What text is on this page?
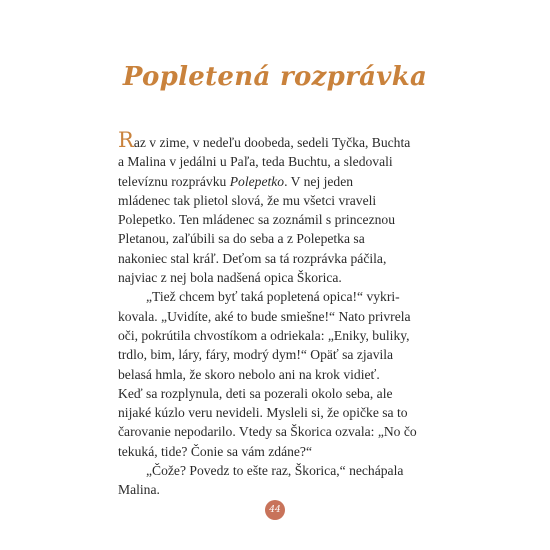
Popletená rozprávka

Raz v zime, v nedeľu doobeda, sedeli Tyčka, Buchta
a Malina v jedálni u Paľa, teda Buchtu, a sledovali
televíznu rozprávku Polepetko. V nej jeden
mládenec tak plietol slová, že mu všetci vraveli
Polepetko. Ten mládenec sa zoznámil s princeznou
Pletanou, zaľúbili sa do seba a z Polepetka sa
nakoniec stal kráľ. Deťom sa tá rozprávka páčila,
najviac z nej bola nadšená opica Škorica.

„Tiež chcem byť taká popletená opica!“ vykri-
kovala. „Uvidíte, aké to bude smiešne!“ Nato privrela
oči, pokrútila chvostíkom a odriekala: „Eniky, buliky,
trdlo, bim, láry, fáry, modrý dym!“ Opäť sa zjavila
belasá hmla, že skoro nebolo ani na krok vidieť.
Keď sa rozplynula, deti sa pozerali okolo seba, ale
nijaké kúzlo veru nevideli. Mysleli si, že opičke sa to
čarovanie nepodarilo. Vtedy sa Škorica ozvala: „No čo
tekuká, tide? Čonie sa vám zdáne?“

„Čože? Povedz to ešte raz, Škorica,“ nechápala
Malina.

44
